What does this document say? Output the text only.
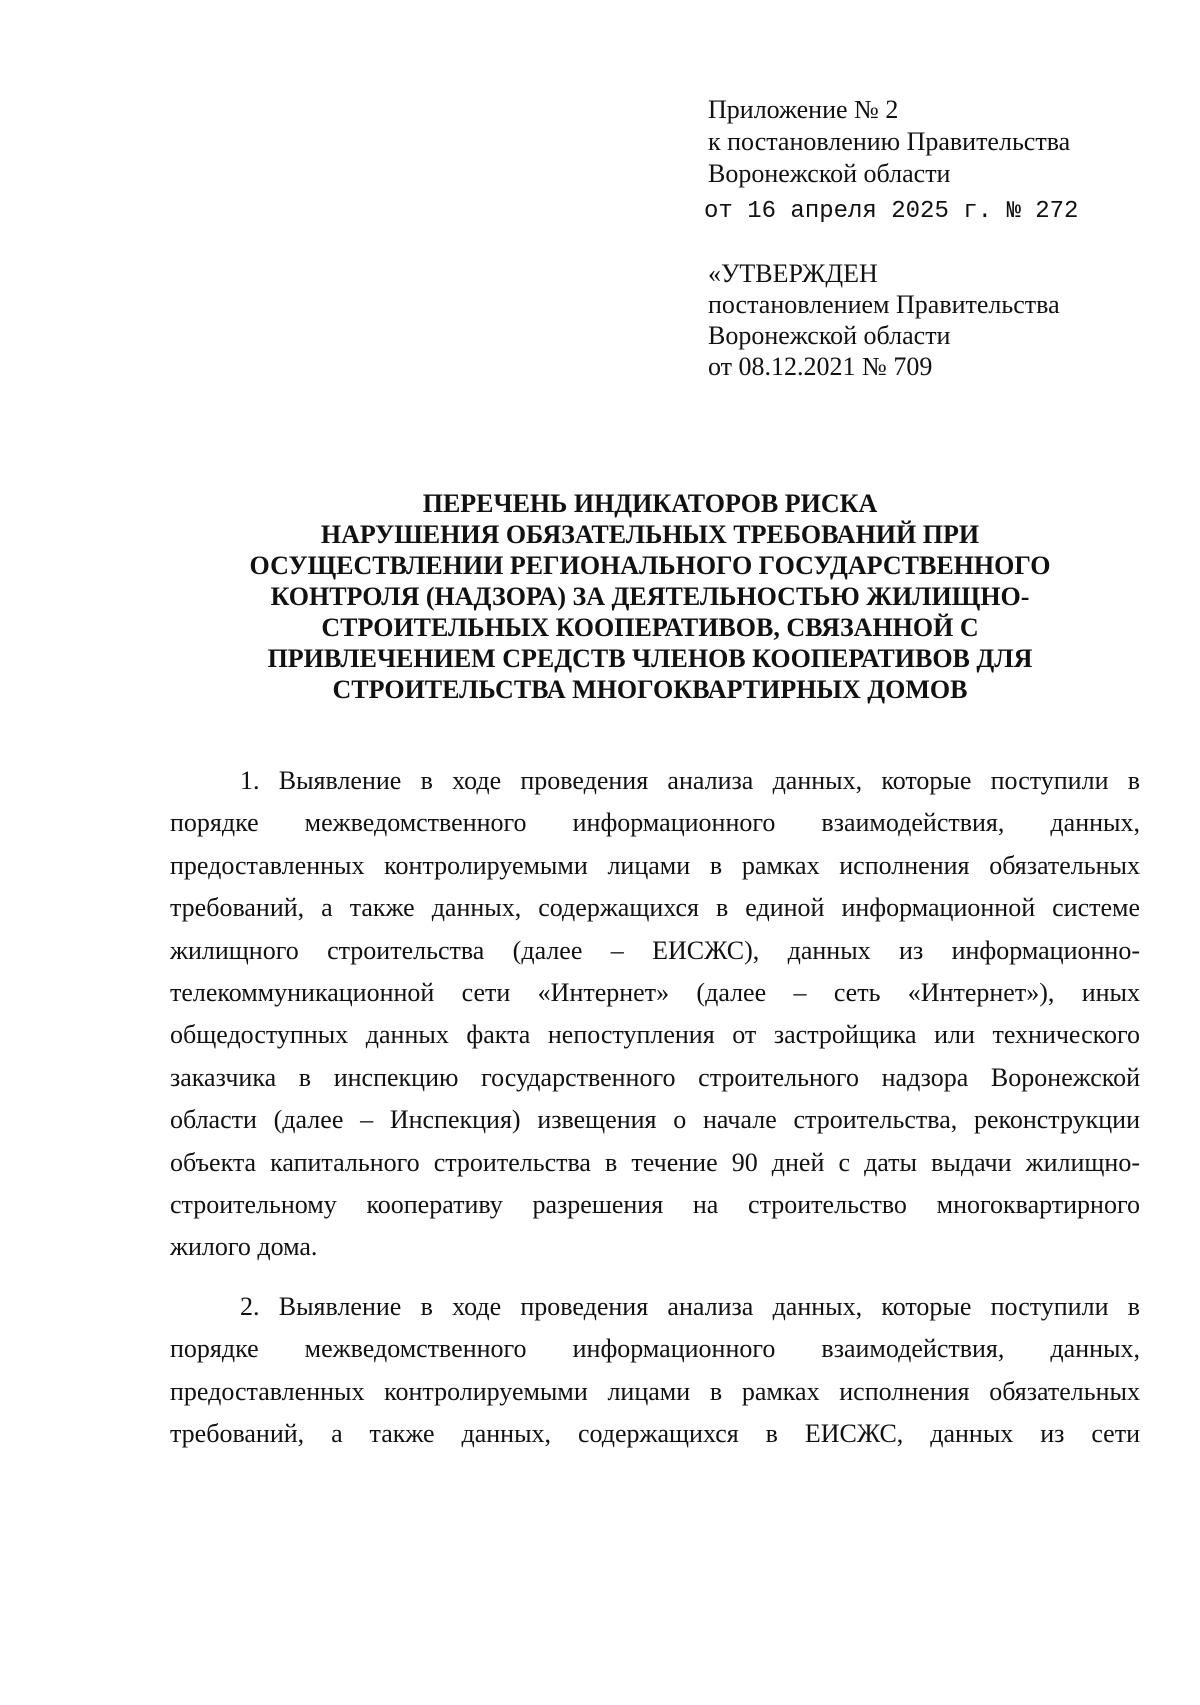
Приложение № 2
к постановлению Правительства
Воронежской области
от 16 апреля 2025 г. № 272
«УТВЕРЖДЕН
постановлением Правительства
Воронежской области
от 08.12.2021 № 709
ПЕРЕЧЕНЬ ИНДИКАТОРОВ РИСКА
НАРУШЕНИЯ ОБЯЗАТЕЛЬНЫХ ТРЕБОВАНИЙ ПРИ
ОСУЩЕСТВЛЕНИИ РЕГИОНАЛЬНОГО ГОСУДАРСТВЕННОГО
КОНТРОЛЯ (НАДЗОРА) ЗА ДЕЯТЕЛЬНОСТЬЮ ЖИЛИЩНО-
СТРОИТЕЛЬНЫХ КООПЕРАТИВОВ, СВЯЗАННОЙ С
ПРИВЛЕЧЕНИЕМ СРЕДСТВ ЧЛЕНОВ КООПЕРАТИВОВ ДЛЯ
СТРОИТЕЛЬСТВА МНОГОКВАРТИРНЫХ ДОМОВ
1. Выявление в ходе проведения анализа данных, которые поступили в
порядке межведомственного информационного взаимодействия, данных,
предоставленных контролируемыми лицами в рамках исполнения обязательных
требований, а также данных, содержащихся в единой информационной системе
жилищного строительства (далее – ЕИСЖС), данных из информационно-
телекоммуникационной сети «Интернет» (далее – сеть «Интернет»), иных
общедоступных данных факта непоступления от застройщика или технического
заказчика в инспекцию государственного строительного надзора Воронежской
области (далее – Инспекция) извещения о начале строительства, реконструкции
объекта капитального строительства в течение 90 дней с даты выдачи жилищно-
строительному кооперативу разрешения на строительство многоквартирного
жилого дома.
2. Выявление в ходе проведения анализа данных, которые поступили в
порядке межведомственного информационного взаимодействия, данных,
предоставленных контролируемыми лицами в рамках исполнения обязательных
требований, а также данных, содержащихся в ЕИСЖС, данных из сети
